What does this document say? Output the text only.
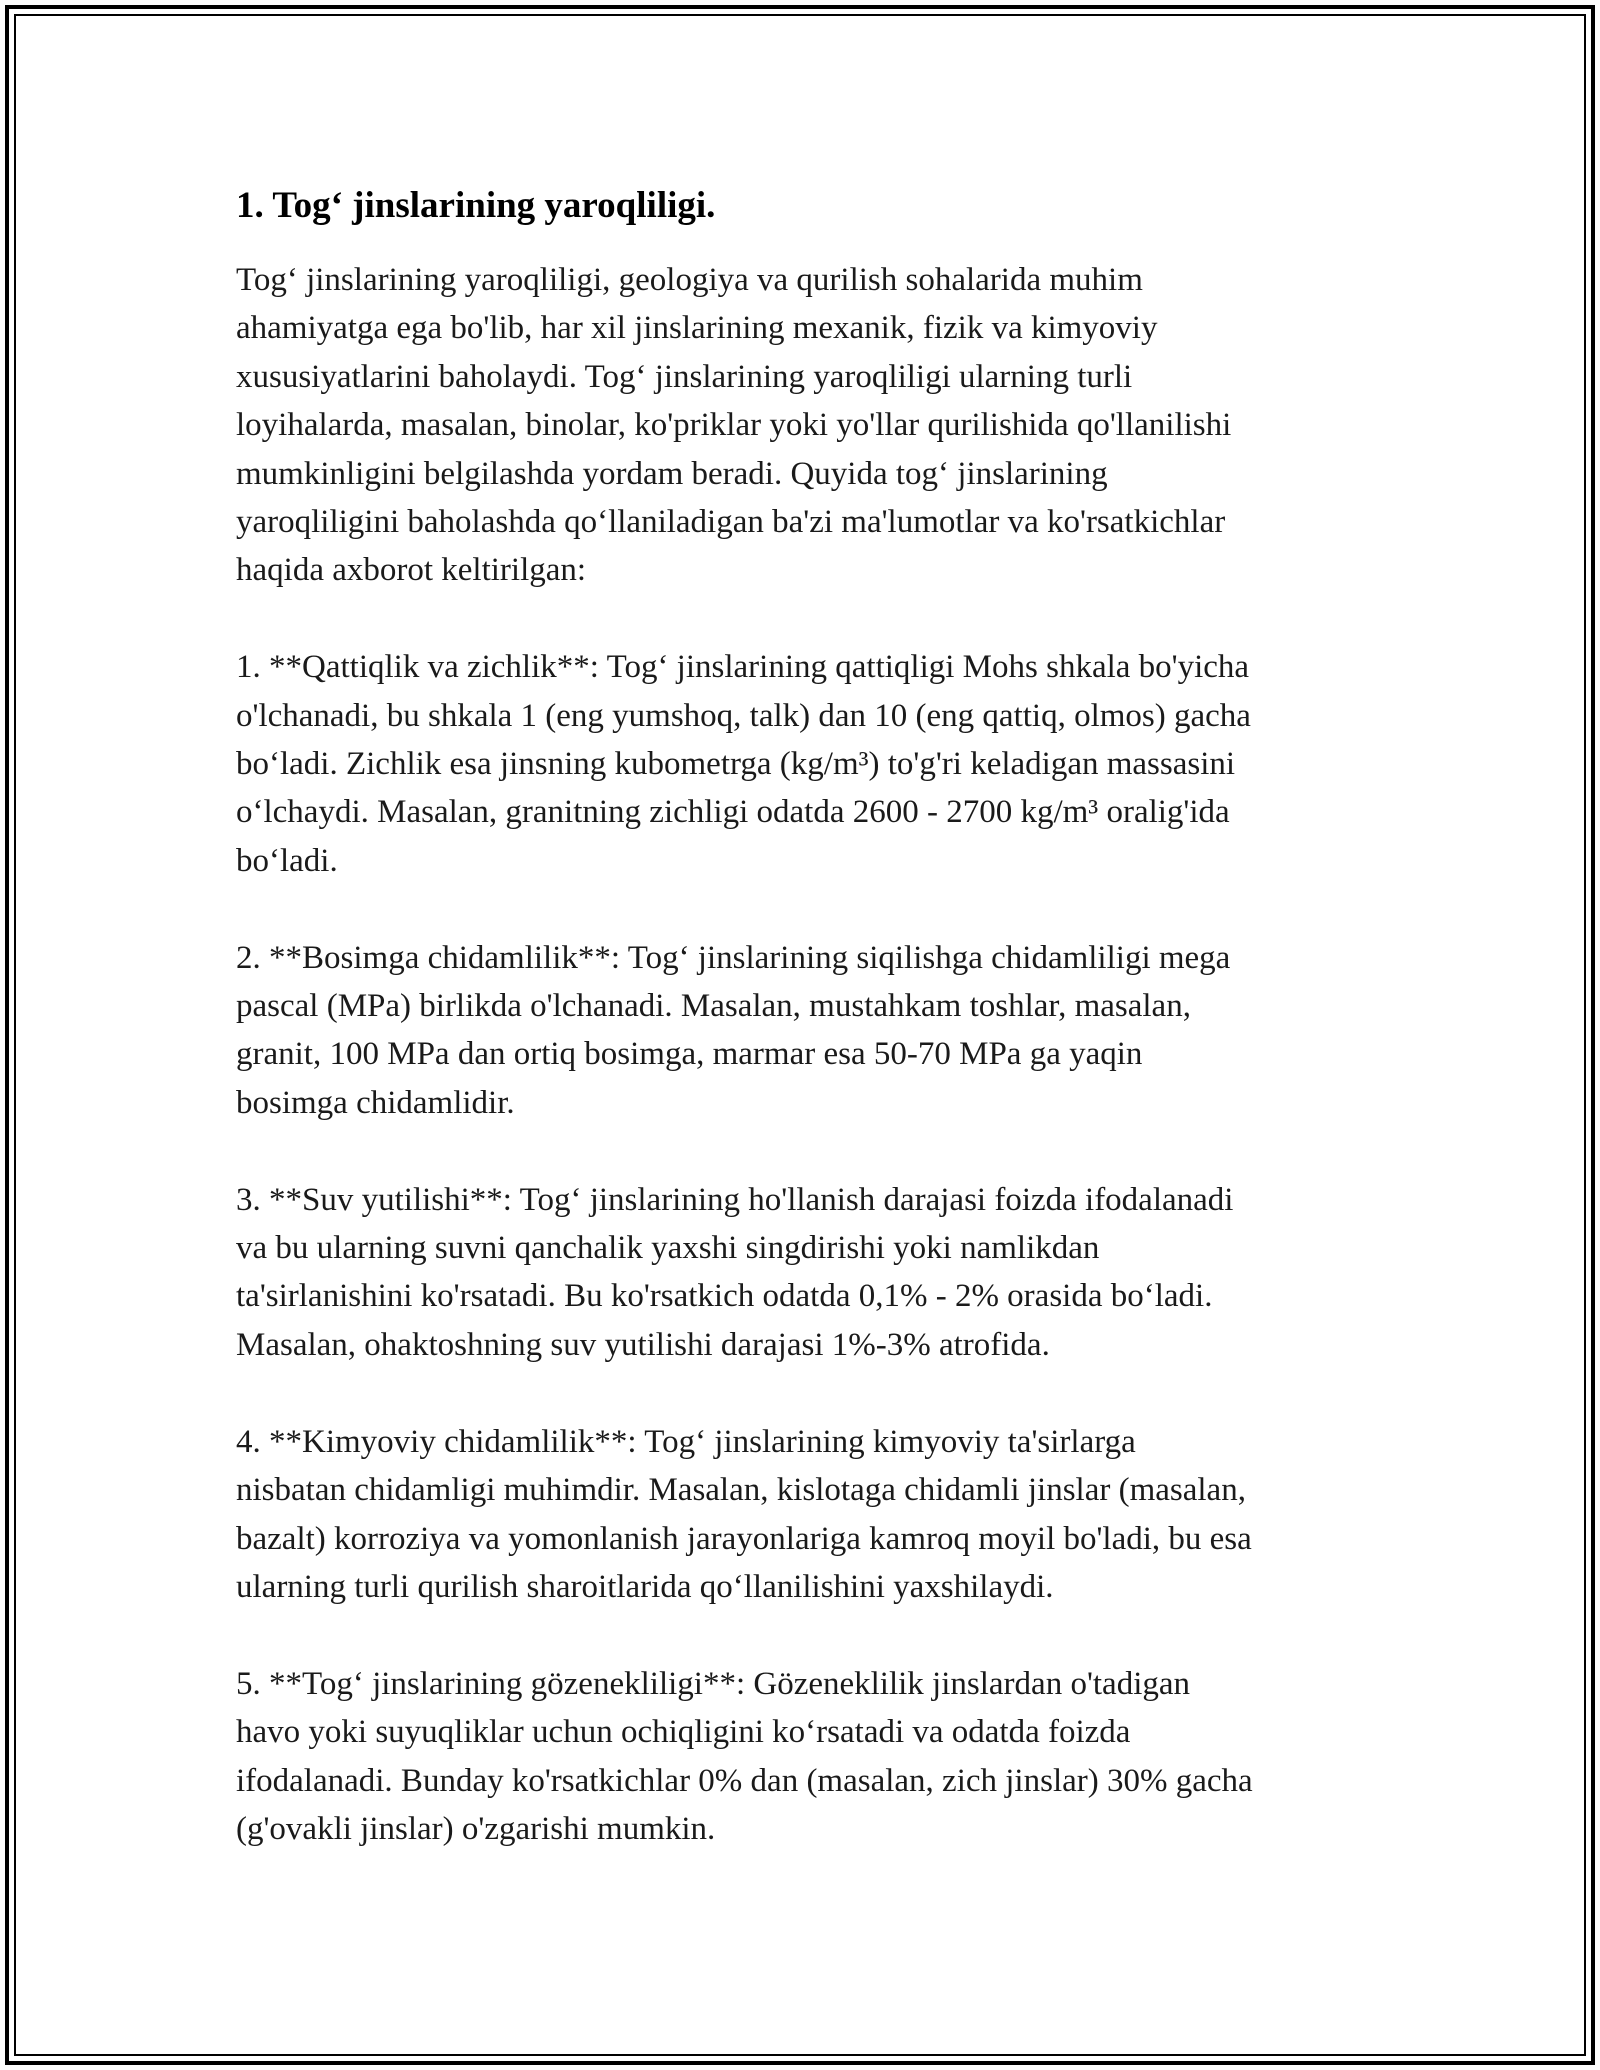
1. Tog‘ jinslarining yaroqliligi.

Tog‘ jinslarining yaroqliligi, geologiya va qurilish sohalarida muhim
ahamiyatga ega bo'lib, har xil jinslarining mexanik, fizik va kimyoviy
xususiyatlarini baholaydi. Tog‘ jinslarining yaroqliligi ularning turli
loyihalarda, masalan, binolar, ko'priklar yoki yo'llar qurilishida qo'llanilishi
mumkinligini belgilashda yordam beradi. Quyida tog‘ jinslarining
yaroqliligini baholashda qo‘llaniladigan ba'zi ma'lumotlar va ko'rsatkichlar
haqida axborot keltirilgan:

1. **Qattiqlik va zichlik**: Tog‘ jinslarining qattiqligi Mohs shkala bo'yicha
o'lchanadi, bu shkala 1 (eng yumshoq, talk) dan 10 (eng qattiq, olmos) gacha
bo‘ladi. Zichlik esa jinsning kubometrga (kg/m³) to'g'ri keladigan massasini
o‘lchaydi. Masalan, granitning zichligi odatda 2600 - 2700 kg/m³ oralig'ida
bo‘ladi.

2. **Bosimga chidamlilik**: Tog‘ jinslarining siqilishga chidamliligi mega
pascal (MPa) birlikda o'lchanadi. Masalan, mustahkam toshlar, masalan,
granit, 100 MPa dan ortiq bosimga, marmar esa 50-70 MPa ga yaqin
bosimga chidamlidir.

3. **Suv yutilishi**: Tog‘ jinslarining ho'llanish darajasi foizda ifodalanadi
va bu ularning suvni qanchalik yaxshi singdirishi yoki namlikdan
ta'sirlanishini ko'rsatadi. Bu ko'rsatkich odatda 0,1% - 2% orasida bo‘ladi.
Masalan, ohaktoshning suv yutilishi darajasi 1%-3% atrofida.

4. **Kimyoviy chidamlilik**: Tog‘ jinslarining kimyoviy ta'sirlarga
nisbatan chidamligi muhimdir. Masalan, kislotaga chidamli jinslar (masalan,
bazalt) korroziya va yomonlanish jarayonlariga kamroq moyil bo'ladi, bu esa
ularning turli qurilish sharoitlarida qo‘llanilishini yaxshilaydi.

5. **Tog‘ jinslarining gözenekliligi**: Gözeneklilik jinslardan o'tadigan
havo yoki suyuqliklar uchun ochiqligini ko‘rsatadi va odatda foizda
ifodalanadi. Bunday ko'rsatkichlar 0% dan (masalan, zich jinslar) 30% gacha
(g'ovakli jinslar) o'zgarishi mumkin.
